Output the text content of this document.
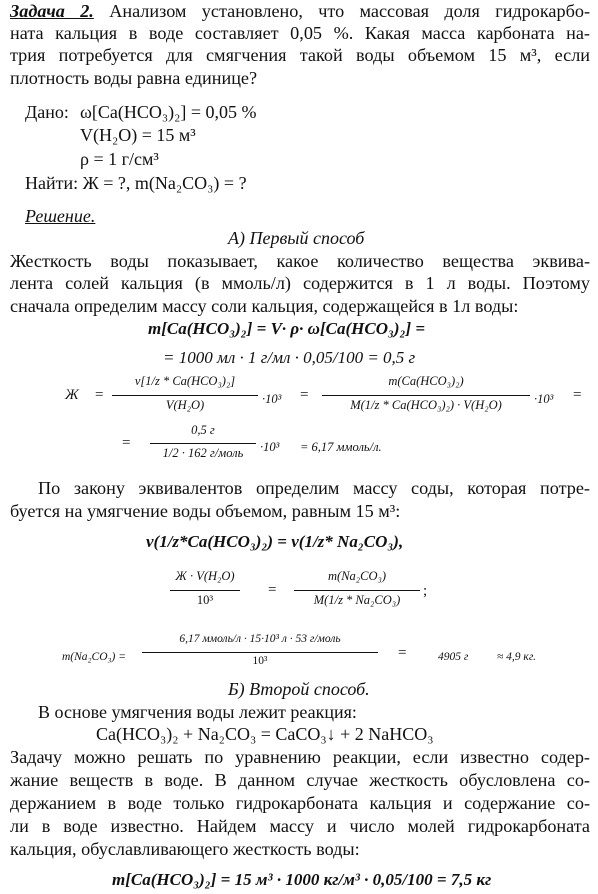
Задача 2. Анализом установлено, что массовая доля гидрокарбо-
ната кальция в воде составляет 0,05 %. Какая масса карбоната на-
трия потребуется для смягчения такой воды объемом 15 м³, если
плотность воды равна единице?
Дано: ω[Ca(HCO₃)₂] = 0,05 %
V(H₂O) = 15 м³
ρ = 1 г/см³
Найти: Ж = ?, m(Na₂CO₃) = ?
Решение.
А) Первый способ
Жесткость воды показывает, какое количество вещества эквива-
лента солей кальция (в ммоль/л) содержится в 1 л воды. Поэтому
сначала определим массу соли кальция, содержащейся в 1л воды:
m[Ca(HCO₃)₂] = V· ρ· ω[Ca(HCO₃)₂] =
= 1000 мл · 1 г/мл · 0,05/100 = 0,5 г
Ж =
ν[1/z * Ca(HCO₃)₂]
V(H₂O)	·10³ =
m(Ca(HCO₃)₂)
M(1/z * Ca(HCO₃)₂) · V(H₂O)	·10³ =
=
0,5 г
1/2 · 162 г/моль	·10³ = 6,17 ммоль/л.
По закону эквивалентов определим массу соды, которая потре-
буется на умягчение воды объемом, равным 15 м³:
ν(1/z*Ca(HCO₃)₂) = ν(1/z* Na₂CO₃),
Ж · V(H₂O)
10³
=
m(Na₂CO₃)
M(1/z * Na₂CO₃)
;
m(Na₂CO₃) =
6,17 ммоль/л · 15·10³ л · 53 г/моль
10³	=	4905 г ≈ 4,9 кг.
Б) Второй способ.
В основе умягчения воды лежит реакция:
Ca(HCO₃)₂ + Na₂CO₃ = CaCO₃↓ + 2 NaHCO₃
Задачу можно решать по уравнению реакции, если известно содер-
жание веществ в воде. В данном случае жесткость обусловлена со-
держанием в воде только гидрокарбоната кальция и содержание со-
ли в воде известно. Найдем массу и число молей гидрокарбоната
кальция, обуславливающего жесткость воды:
m[Ca(HCO₃)₂] = 15 м³ · 1000 кг/м³ · 0,05/100 = 7,5 кг
